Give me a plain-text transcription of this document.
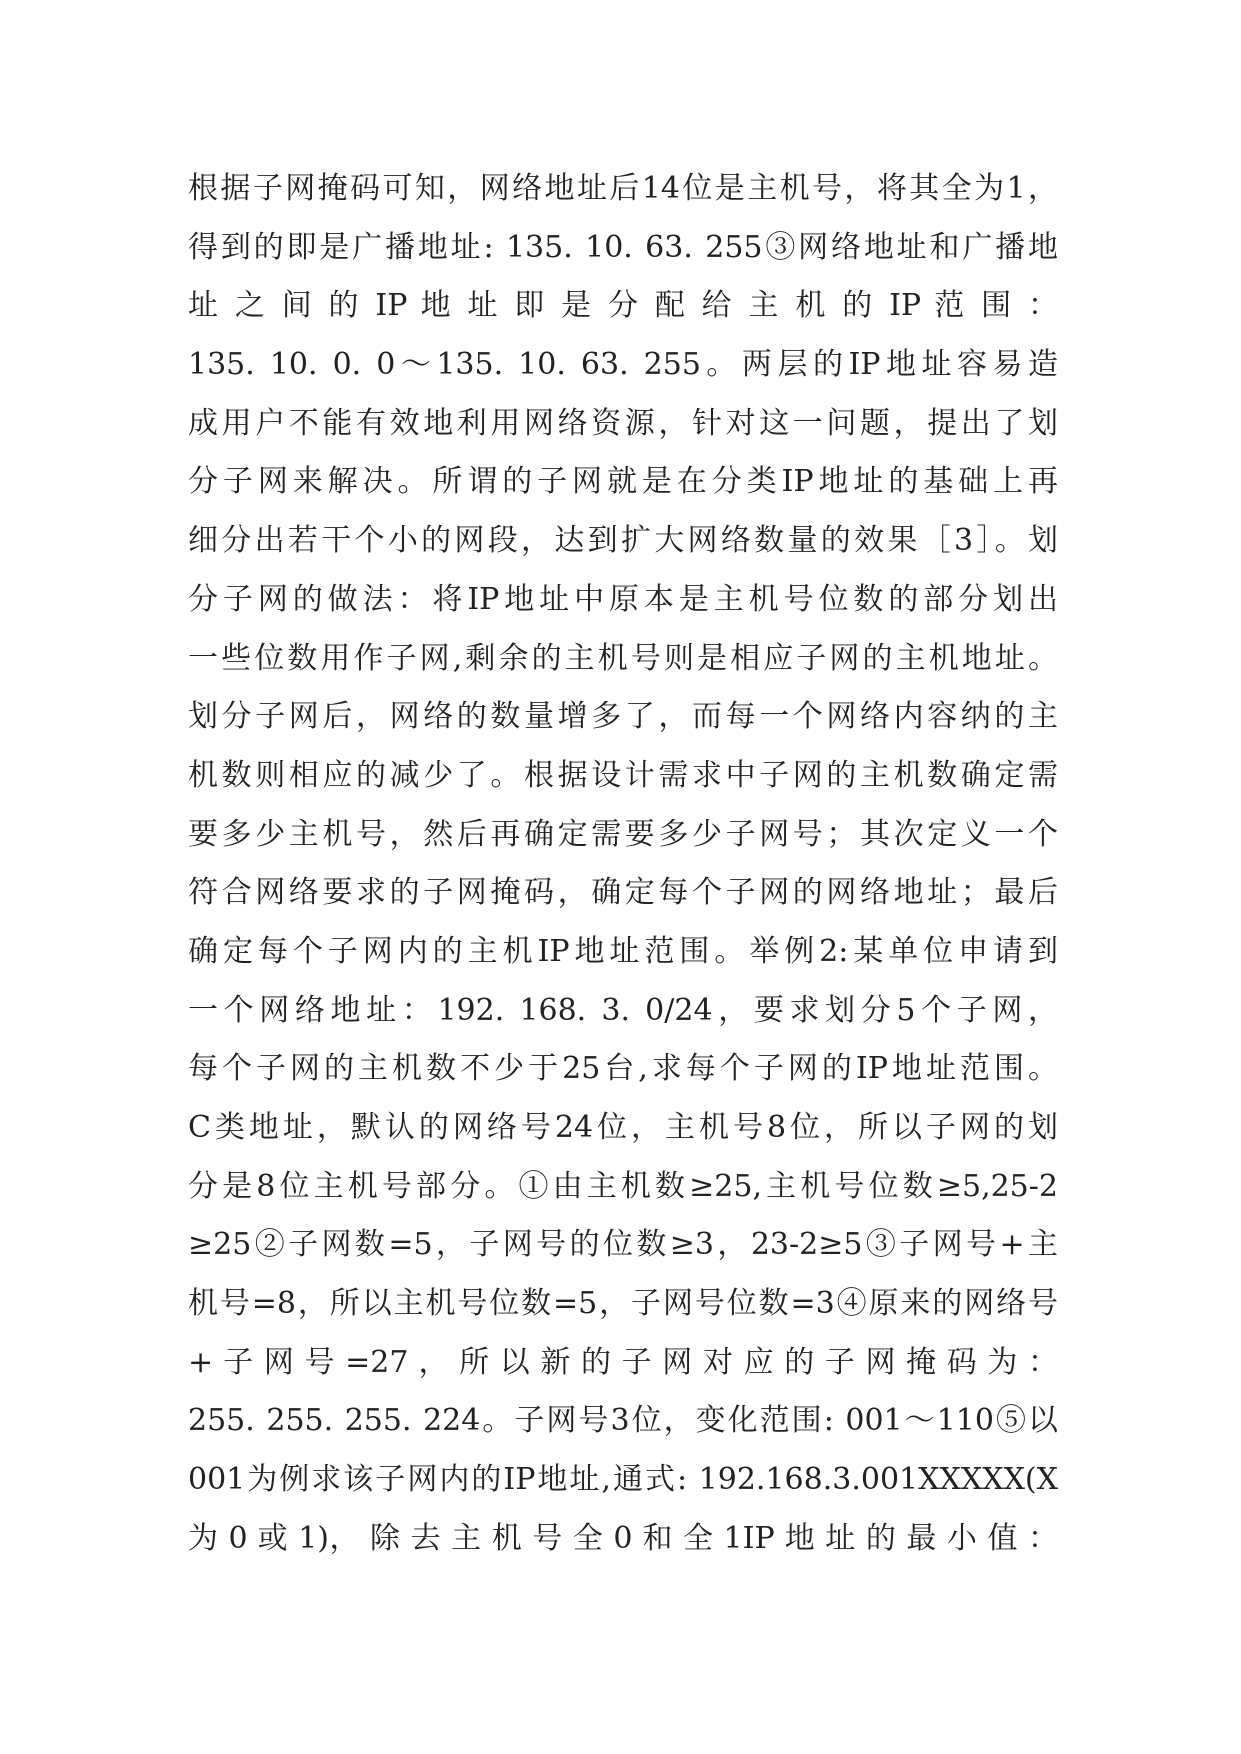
根据子网掩码可知，网络地址后14位是主机号，将其全为1，
得到的即是广播地址: 135. 10. 63. 255③网络地址和广播地
址 之 间 的 IP 地 址 即 是 分 配 给 主 机 的 IP 范 围 ：
135. 10. 0. 0～135. 10. 63. 255。两层的IP地址容易造
成用户不能有效地利用网络资源，针对这一问题，提出了划
分子网来解决。所谓的子网就是在分类IP地址的基础上再
细分出若干个小的网段，达到扩大网络数量的效果［3］。划
分子网的做法：将IP地址中原本是主机号位数的部分划出
一些位数用作子网,剩余的主机号则是相应子网的主机地址。
划分子网后，网络的数量增多了，而每一个网络内容纳的主
机数则相应的减少了。根据设计需求中子网的主机数确定需
要多少主机号，然后再确定需要多少子网号；其次定义一个
符合网络要求的子网掩码，确定每个子网的网络地址；最后
确定每个子网内的主机IP地址范围。举例2:某单位申请到
一个网络地址：192. 168. 3. 0/24，要求划分5个子网，
每个子网的主机数不少于25台,求每个子网的IP地址范围。
C类地址，默认的网络号24位，主机号8位，所以子网的划
分是8位主机号部分。①由主机数≥25,主机号位数≥5,25-2
≥25②子网数=5，子网号的位数≥3，23-2≥5③子网号+主
机号=8，所以主机号位数=5，子网号位数=3④原来的网络号
+ 子 网 号 =27 ， 所 以 新 的 子 网 对 应 的 子 网 掩 码 为 ：
255. 255. 255. 224。子网号3位，变化范围: 001～110⑤以
001为例求该子网内的IP地址,通式: 192.168.3.001XXXXX(X
为 0 或 1)， 除 去 主 机 号 全 0 和 全 1IP 地 址 的 最 小 值 ：
